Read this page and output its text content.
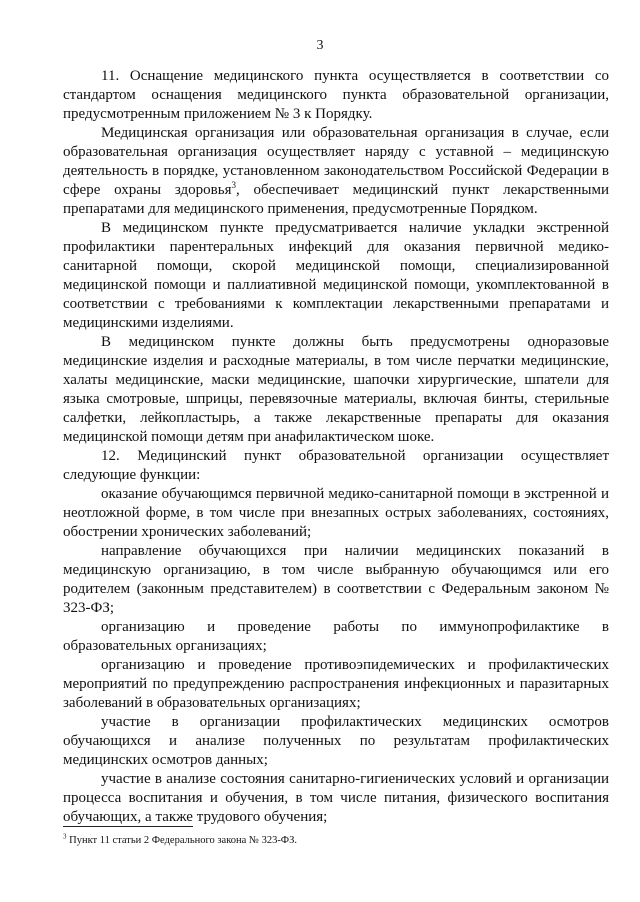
3

11. Оснащение медицинского пункта осуществляется в соответствии со стандартом оснащения медицинского пункта образовательной организации, предусмотренным приложением № 3 к Порядку.

Медицинская организация или образовательная организация в случае, если образовательная организация осуществляет наряду с уставной – медицинскую деятельность в порядке, установленном законодательством Российской Федерации в сфере охраны здоровья$^3$, обеспечивает медицинский пункт лекарственными препаратами для медицинского применения, предусмотренные Порядком.

В медицинском пункте предусматривается наличие укладки экстренной профилактики парентеральных инфекций для оказания первичной медико-санитарной помощи, скорой медицинской помощи, специализированной медицинской помощи и паллиативной медицинской помощи, укомплектованной в соответствии с требованиями к комплектации лекарственными препаратами и медицинскими изделиями.

В медицинском пункте должны быть предусмотрены одноразовые медицинские изделия и расходные материалы, в том числе перчатки медицинские, халаты медицинские, маски медицинские, шапочки хирургические, шпатели для языка смотровые, шприцы, перевязочные материалы, включая бинты, стерильные салфетки, лейкопластырь, а также лекарственные препараты для оказания медицинской помощи детям при анафилактическом шоке.

12. Медицинский пункт образовательной организации осуществляет следующие функции:

оказание обучающимся первичной медико-санитарной помощи в экстренной и неотложной форме, в том числе при внезапных острых заболеваниях, состояниях, обострении хронических заболеваний;

направление обучающихся при наличии медицинских показаний в медицинскую организацию, в том числе выбранную обучающимся или его родителем (законным представителем) в соответствии с Федеральным законом № 323-ФЗ;

организацию и проведение работы по иммунопрофилактике в образовательных организациях;

организацию и проведение противоэпидемических и профилактических мероприятий по предупреждению распространения инфекционных и паразитарных заболеваний в образовательных организациях;

участие в организации профилактических медицинских осмотров обучающихся и анализе полученных по результатам профилактических медицинских осмотров данных;

участие в анализе состояния санитарно-гигиенических условий и организации процесса воспитания и обучения, в том числе питания, физического воспитания обучающих, а также трудового обучения;

$^3$ Пункт 11 статьи 2 Федерального закона № 323-ФЗ.
